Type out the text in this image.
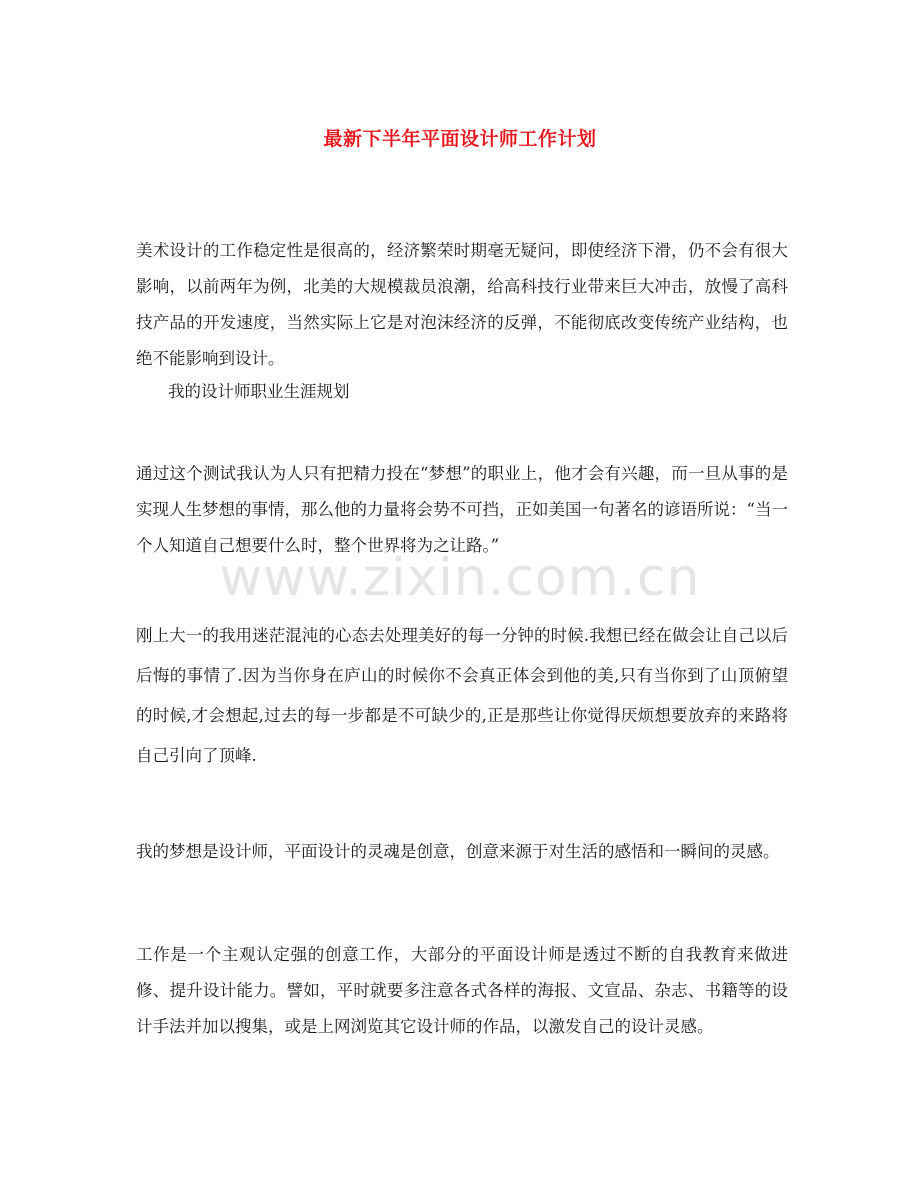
最新下半年平面设计师工作计划

美术设计的工作稳定性是很高的，经济繁荣时期毫无疑问，即使经济下滑，仍不会有很大影响，以前两年为例，北美的大规模裁员浪潮，给高科技行业带来巨大冲击，放慢了高科技产品的开发速度，当然实际上它是对泡沫经济的反弹，不能彻底改变传统产业结构，也绝不能影响到设计。

我的设计师职业生涯规划

通过这个测试我认为人只有把精力投在“梦想”的职业上，他才会有兴趣，而一旦从事的是实现人生梦想的事情，那么他的力量将会势不可挡，正如美国一句著名的谚语所说：“当一个人知道自己想要什么时，整个世界将为之让路。”

刚上大一的我用迷茫混沌的心态去处理美好的每一分钟的时候.我想已经在做会让自己以后后悔的事情了.因为当你身在庐山的时候你不会真正体会到他的美,只有当你到了山顶俯望的时候,才会想起,过去的每一步都是不可缺少的,正是那些让你觉得厌烦想要放弃的来路将自己引向了顶峰.

我的梦想是设计师，平面设计的灵魂是创意，创意来源于对生活的感悟和一瞬间的灵感。

工作是一个主观认定强的创意工作，大部分的平面设计师是透过不断的自我教育来做进修、提升设计能力。譬如，平时就要多注意各式各样的海报、文宣品、杂志、书籍等的设计手法并加以搜集，或是上网浏览其它设计师的作品，以激发自己的设计灵感。

www.zixin.com.cn
